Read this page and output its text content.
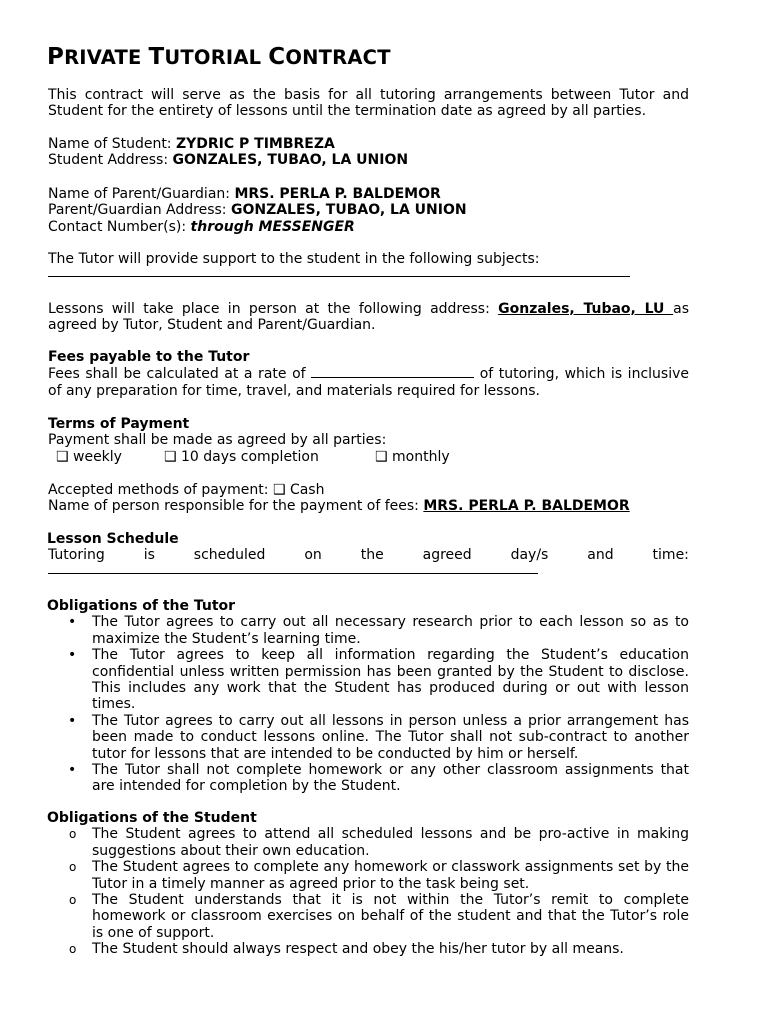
PRIVATE TUTORIAL CONTRACT
This contract will serve as the basis for all tutoring arrangements between Tutor and Student for the entirety of lessons until the termination date as agreed by all parties.
Name of Student: ZYDRIC P TIMBREZA
Student Address: GONZALES, TUBAO, LA UNION
Name of Parent/Guardian: MRS. PERLA P. BALDEMOR
Parent/Guardian Address: GONZALES, TUBAO, LA UNION
Contact Number(s): through MESSENGER
The Tutor will provide support to the student in the following subjects:
Lessons will take place in person at the following address: Gonzales, Tubao, LU as agreed by Tutor, Student and Parent/Guardian.
Fees payable to the Tutor
Fees shall be calculated at a rate of	of tutoring, which is inclusive of any preparation for time, travel, and materials required for lessons.
Terms of Payment
Payment shall be made as agreed by all parties:
❑ weekly	❑ 10 days completion	❑ monthly
Accepted methods of payment: ❑ Cash
Name of person responsible for the payment of fees: MRS. PERLA P. BALDEMOR
Lesson Schedule
Tutoring	is	scheduled	on	the	agreed	day/s	and	time:
Obligations of the Tutor
• The Tutor agrees to carry out all necessary research prior to each lesson so as to maximize the Student’s learning time.
• The Tutor agrees to keep all information regarding the Student’s education confidential unless written permission has been granted by the Student to disclose. This includes any work that the Student has produced during or out with lesson times.
• The Tutor agrees to carry out all lessons in person unless a prior arrangement has been made to conduct lessons online. The Tutor shall not sub-contract to another tutor for lessons that are intended to be conducted by him or herself.
• The Tutor shall not complete homework or any other classroom assignments that are intended for completion by the Student.
Obligations of the Student
o The Student agrees to attend all scheduled lessons and be pro-active in making suggestions about their own education.
o The Student agrees to complete any homework or classwork assignments set by the Tutor in a timely manner as agreed prior to the task being set.
o The Student understands that it is not within the Tutor’s remit to complete homework or classroom exercises on behalf of the student and that the Tutor’s role is one of support.
o The Student should always respect and obey the his/her tutor by all means.
